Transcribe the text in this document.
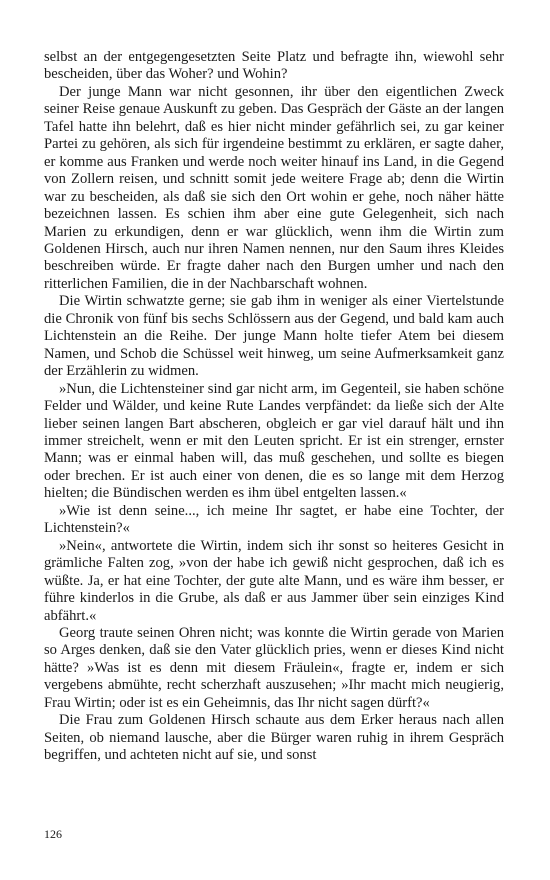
selbst an der entgegengesetzten Seite Platz und befragte ihn, wiewohl sehr bescheiden, über das Woher? und Wohin?

Der junge Mann war nicht gesonnen, ihr über den eigentlichen Zweck seiner Reise genaue Auskunft zu geben. Das Gespräch der Gäste an der langen Tafel hatte ihn belehrt, daß es hier nicht minder gefährlich sei, zu gar keiner Partei zu gehören, als sich für irgendeine bestimmt zu erklären, er sagte daher, er komme aus Franken und werde noch weiter hinauf ins Land, in die Gegend von Zollern reisen, und schnitt somit jede weitere Frage ab; denn die Wirtin war zu bescheiden, als daß sie sich den Ort wohin er gehe, noch näher hätte bezeichnen lassen. Es schien ihm aber eine gute Gelegenheit, sich nach Marien zu erkundigen, denn er war glücklich, wenn ihm die Wirtin zum Goldenen Hirsch, auch nur ihren Namen nennen, nur den Saum ihres Kleides beschreiben würde. Er fragte daher nach den Burgen umher und nach den ritterlichen Familien, die in der Nachbarschaft wohnen.

Die Wirtin schwatzte gerne; sie gab ihm in weniger als einer Viertelstunde die Chronik von fünf bis sechs Schlössern aus der Gegend, und bald kam auch Lichtenstein an die Reihe. Der junge Mann holte tiefer Atem bei diesem Namen, und Schob die Schüssel weit hinweg, um seine Aufmerksamkeit ganz der Erzählerin zu widmen.

»Nun, die Lichtensteiner sind gar nicht arm, im Gegenteil, sie haben schöne Felder und Wälder, und keine Rute Landes verpfändet: da ließe sich der Alte lieber seinen langen Bart abscheren, obgleich er gar viel darauf hält und ihn immer streichelt, wenn er mit den Leuten spricht. Er ist ein strenger, ernster Mann; was er einmal haben will, das muß geschehen, und sollte es biegen oder brechen. Er ist auch einer von denen, die es so lange mit dem Herzog hielten; die Bündischen werden es ihm übel entgelten lassen.«

»Wie ist denn seine..., ich meine Ihr sagtet, er habe eine Tochter, der Lichtenstein?«

»Nein«, antwortete die Wirtin, indem sich ihr sonst so heiteres Gesicht in grämliche Falten zog, »von der habe ich gewiß nicht gesprochen, daß ich es wüßte. Ja, er hat eine Tochter, der gute alte Mann, und es wäre ihm besser, er führe kinderlos in die Grube, als daß er aus Jammer über sein einziges Kind abfährt.«

Georg traute seinen Ohren nicht; was konnte die Wirtin gerade von Marien so Arges denken, daß sie den Vater glücklich pries, wenn er dieses Kind nicht hätte? »Was ist es denn mit diesem Fräulein«, fragte er, indem er sich vergebens abmühte, recht scherzhaft auszusehen; »Ihr macht mich neugierig, Frau Wirtin; oder ist es ein Geheimnis, das Ihr nicht sagen dürft?«

Die Frau zum Goldenen Hirsch schaute aus dem Erker heraus nach allen Seiten, ob niemand lausche, aber die Bürger waren ruhig in ihrem Gespräch begriffen, und achteten nicht auf sie, und sonst

126
